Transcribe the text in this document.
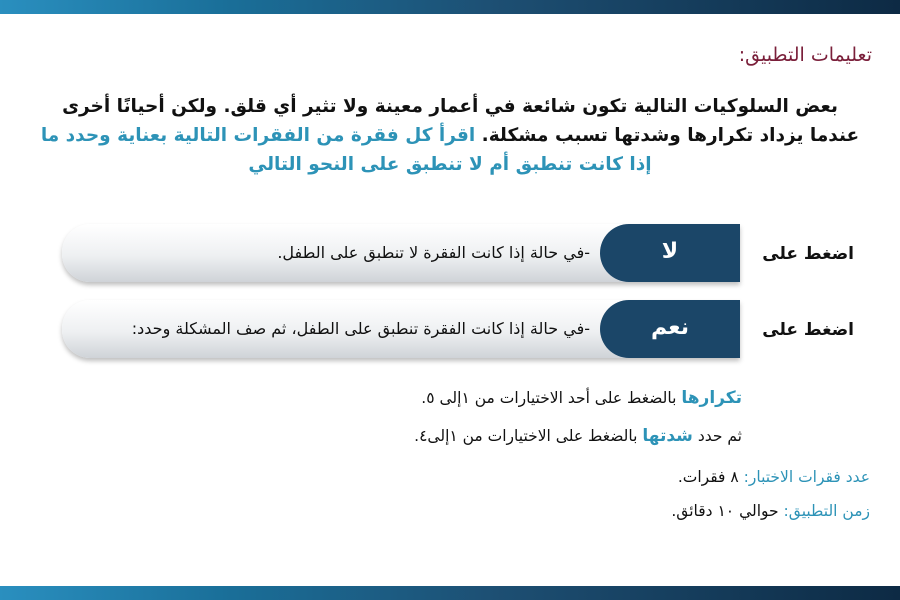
تعليمات التطبيق:
بعض السلوكيات التالية تكون شائعة في أعمار معينة ولا تثير أي قلق. ولكن أحيانًا أخرى عندما يزداد تكرارها وشدتها تسبب مشكلة. اقرأ كل فقرة من الفقرات التالية بعناية وحدد ما إذا كانت تنطبق أم لا تنطبق على النحو التالي
-في حالة إذا كانت الفقرة لا تنطبق على الطفل.	لا	اضغط على
-في حالة إذا كانت الفقرة تنطبق على الطفل، ثم صف المشكلة وحدد:	نعم	اضغط على
تكرارها بالضغط على أحد الاختيارات من ١إلى ٥.
ثم حدد شدتها بالضغط على الاختيارات من ١إلى٤.
عدد فقرات الاختبار: ٨ فقرات.
زمن التطبيق: حوالي ١٠ دقائق.
